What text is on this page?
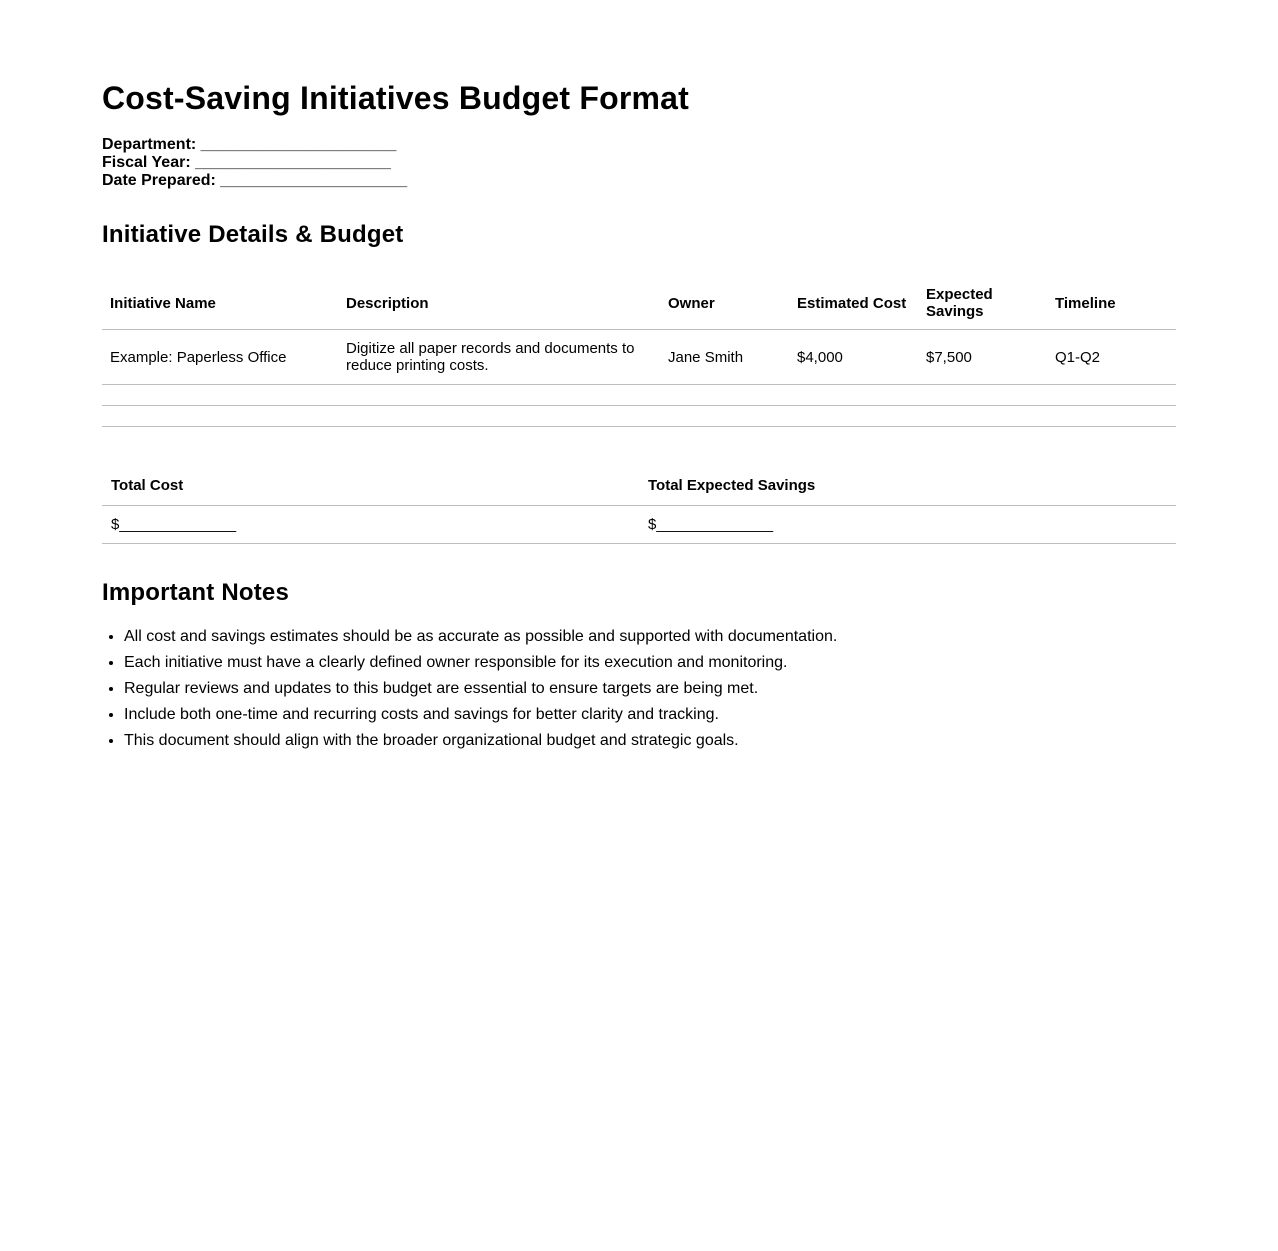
Cost-Saving Initiatives Budget Format
Department: ______________________
Fiscal Year: ______________________
Date Prepared: _____________________
Initiative Details & Budget
Initiative Name	Description	Owner	Estimated Cost	Expected Savings	Timeline
Example: Paperless Office	Digitize all paper records and documents to reduce printing costs.	Jane Smith	$4,000	$7,500	Q1-Q2

Total Cost	Total Expected Savings
$______________	$______________
Important Notes
• All cost and savings estimates should be as accurate as possible and supported with documentation.
• Each initiative must have a clearly defined owner responsible for its execution and monitoring.
• Regular reviews and updates to this budget are essential to ensure targets are being met.
• Include both one-time and recurring costs and savings for better clarity and tracking.
• This document should align with the broader organizational budget and strategic goals.
